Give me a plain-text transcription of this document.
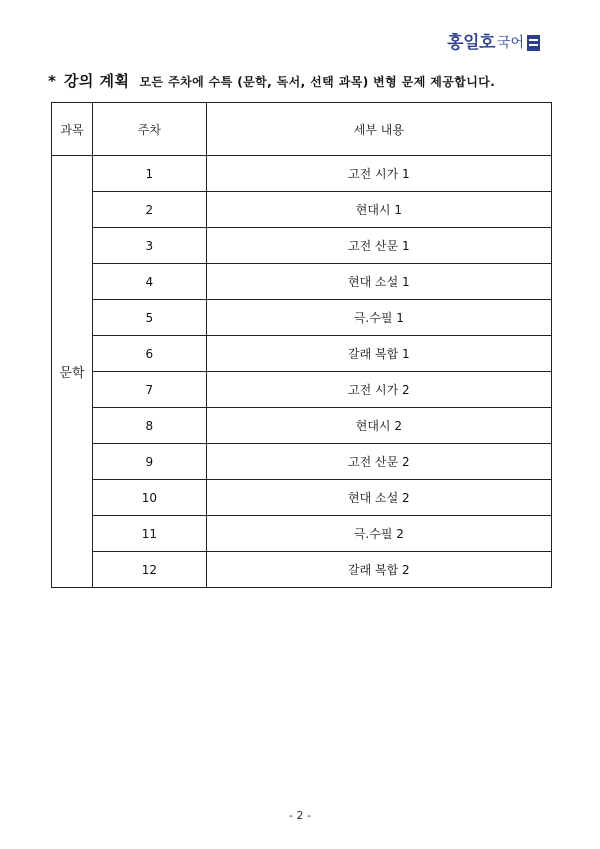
홍일호 국어
* 강의 계획 모든 주차에 수특 (문학, 독서, 선택 과목) 변형 문제 제공합니다.
과목	주차	세부 내용
문학	1	고전 시가 1
	2	현대시 1
	3	고전 산문 1
	4	현대 소설 1
	5	극.수필 1
	6	갈래 복합 1
	7	고전 시가 2
	8	현대시 2
	9	고전 산문 2
	10	현대 소설 2
	11	극.수필 2
	12	갈래 복합 2
- 2 -
